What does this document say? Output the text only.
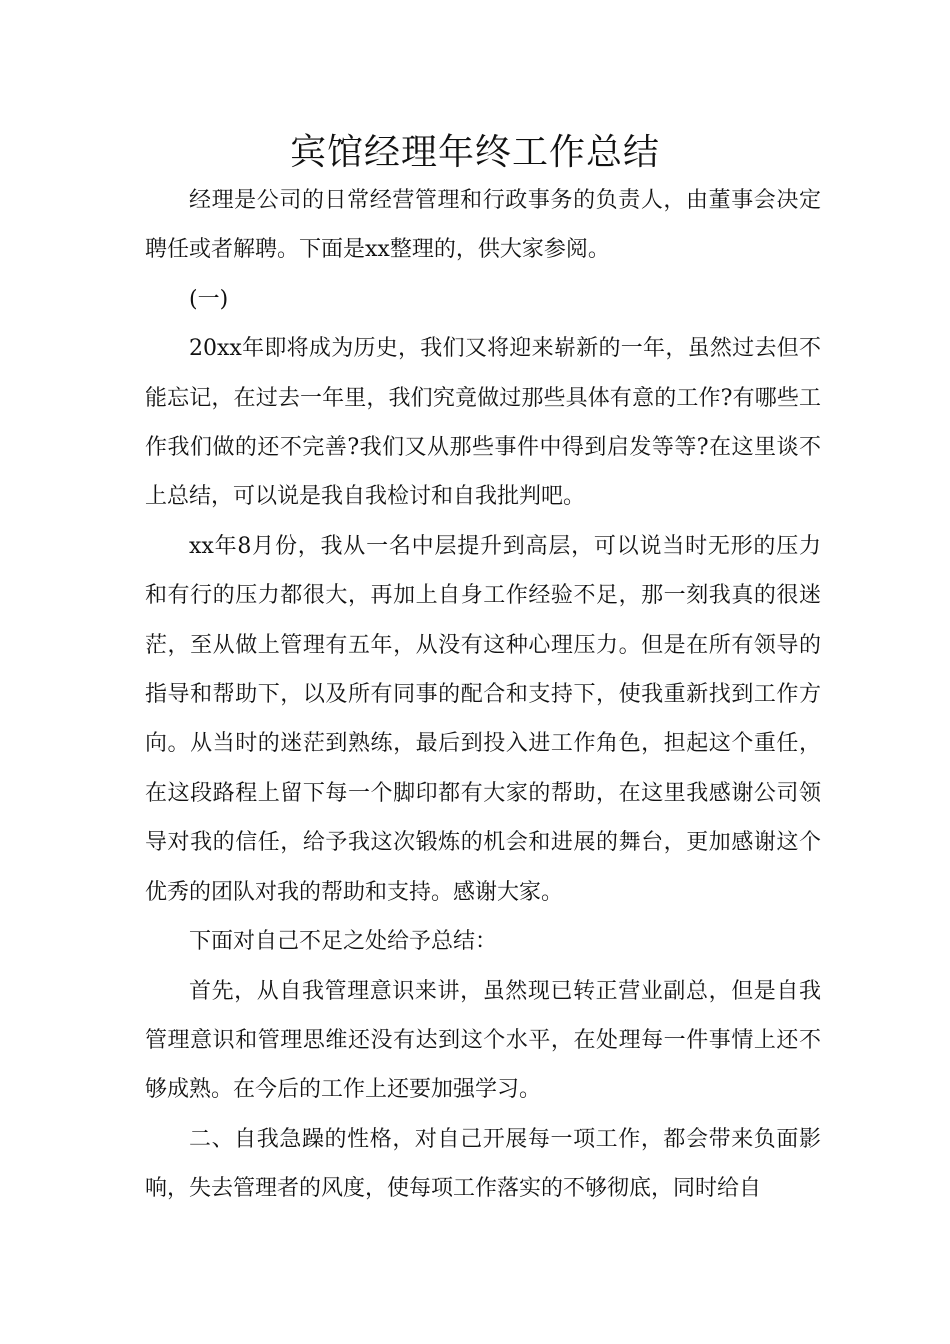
宾馆经理年终工作总结

经理是公司的日常经营管理和行政事务的负责人，由董事会决定聘任或者解聘。下面是xx整理的，供大家参阅。

(一)

20xx年即将成为历史，我们又将迎来崭新的一年，虽然过去但不能忘记，在过去一年里，我们究竟做过那些具体有意的工作?有哪些工作我们做的还不完善?我们又从那些事件中得到启发等等?在这里谈不上总结，可以说是我自我检讨和自我批判吧。

xx年8月份，我从一名中层提升到高层，可以说当时无形的压力和有行的压力都很大，再加上自身工作经验不足，那一刻我真的很迷茫，至从做上管理有五年，从没有这种心理压力。但是在所有领导的指导和帮助下，以及所有同事的配合和支持下，使我重新找到工作方向。从当时的迷茫到熟练，最后到投入进工作角色，担起这个重任，在这段路程上留下每一个脚印都有大家的帮助，在这里我感谢公司领导对我的信任，给予我这次锻炼的机会和进展的舞台，更加感谢这个优秀的团队对我的帮助和支持。感谢大家。

下面对自己不足之处给予总结：

首先，从自我管理意识来讲，虽然现已转正营业副总，但是自我管理意识和管理思维还没有达到这个水平，在处理每一件事情上还不够成熟。在今后的工作上还要加强学习。

二、自我急躁的性格，对自己开展每一项工作，都会带来负面影响，失去管理者的风度，使每项工作落实的不够彻底，同时给自
